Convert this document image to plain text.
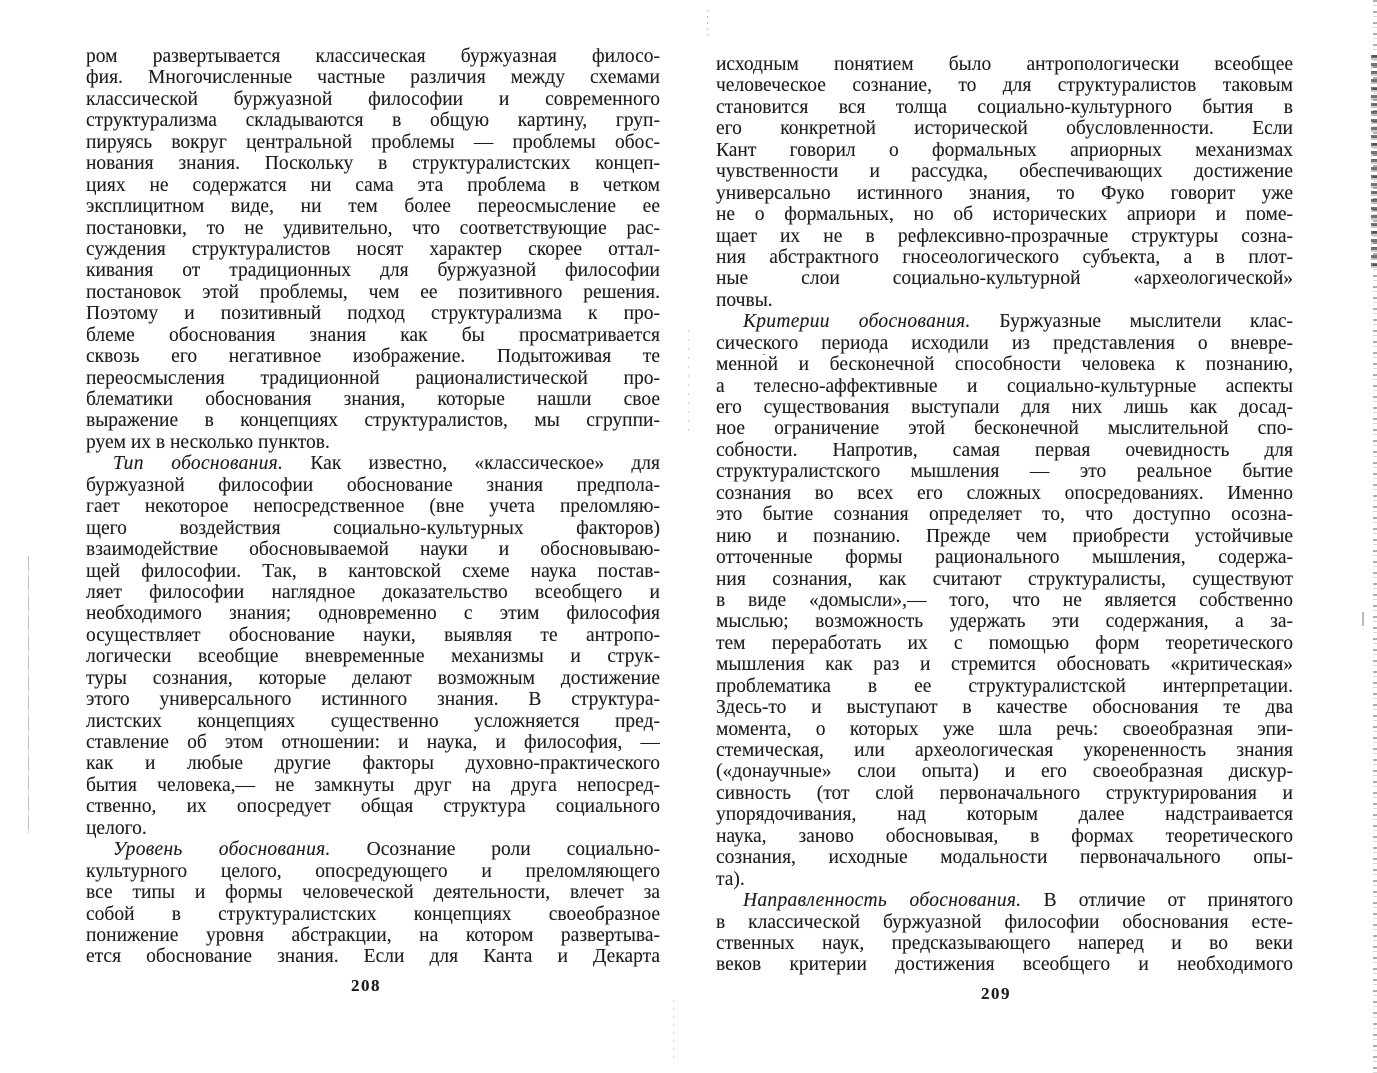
ром развертывается классическая буржуазная филосо-
фия. Многочисленные частные различия между схемами
классической буржуазной философии и современного
структурализма складываются в общую картину, груп-
пируясь вокруг центральной проблемы — проблемы обос-
нования знания. Поскольку в структуралистских концеп-
циях не содержатся ни сама эта проблема в четком
эксплицитном виде, ни тем более переосмысление ее
постановки, то не удивительно, что соответствующие рас-
суждения структуралистов носят характер скорее оттал-
кивания от традиционных для буржуазной философии
постановок этой проблемы, чем ее позитивного решения.
Поэтому и позитивный подход структурализма к про-
блеме обоснования знания как бы просматривается
сквозь его негативное изображение. Подытоживая те
переосмысления традиционной рационалистической про-
блематики обоснования знания, которые нашли свое
выражение в концепциях структуралистов, мы сгруппи-
руем их в несколько пунктов.
Тип обоснования. Как известно, «классическое» для
буржуазной философии обоснование знания предпола-
гает некоторое непосредственное (вне учета преломляю-
щего воздействия социально-культурных факторов)
взаимодействие обосновываемой науки и обосновываю-
щей философии. Так, в кантовской схеме наука постав-
ляет философии наглядное доказательство всеобщего и
необходимого знания; одновременно с этим философия
осуществляет обоснование науки, выявляя те антропо-
логически всеобщие вневременные механизмы и струк-
туры сознания, которые делают возможным достижение
этого универсального истинного знания. В структура-
листских концепциях существенно усложняется пред-
ставление об этом отношении: и наука, и философия, —
как и любые другие факторы духовно-практического
бытия человека,— не замкнуты друг на друга непосред-
ственно, их опосредует общая структура социального
целого.
Уровень обоснования. Осознание роли социально-
культурного целого, опосредующего и преломляющего
все типы и формы человеческой деятельности, влечет за
собой в структуралистских концепциях своеобразное
понижение уровня абстракции, на котором развертыва-
ется обоснование знания. Если для Канта и Декарта
208
исходным понятием было антропологически всеобщее
человеческое сознание, то для структуралистов таковым
становится вся толща социально-культурного бытия в
его конкретной исторической обусловленности. Если
Кант говорил о формальных априорных механизмах
чувственности и рассудка, обеспечивающих достижение
универсально истинного знания, то Фуко говорит уже
не о формальных, но об исторических априори и поме-
щает их не в рефлексивно-прозрачные структуры созна-
ния абстрактного гносеологического субъекта, а в плот-
ные слои социально-культурной «археологической»
почвы.
Критерии обоснования. Буржуазные мыслители клас-
сического периода исходили из представления о вневре-
менно́й и бесконечной способности человека к познанию,
а телесно-аффективные и социально-культурные аспекты
его существования выступали для них лишь как досад-
ное ограничение этой бесконечной мыслительной спо-
собности. Напротив, самая первая очевидность для
структуралистского мышления — это реальное бытие
сознания во всех его сложных опосредованиях. Именно
это бытие сознания определяет то, что доступно осозна-
нию и познанию. Прежде чем приобрести устойчивые
отточенные формы рационального мышления, содержа-
ния сознания, как считают структуралисты, существуют
в виде «домысли»,— того, что не является собственно
мыслью; возможность удержать эти содержания, а за-
тем переработать их с помощью форм теоретического
мышления как раз и стремится обосновать «критическая»
проблематика в ее структуралистской интерпретации.
Здесь-то и выступают в качестве обоснования те два
момента, о которых уже шла речь: своеобразная эпи-
стемическая, или археологическая укорененность знания
(«донаучные» слои опыта) и его своеобразная дискур-
сивность (тот слой первоначального структурирования и
упорядочивания, над которым далее надстраивается
наука, заново обосновывая, в формах теоретического
сознания, исходные модальности первоначального опы-
та).
Направленность обоснования. В отличие от принятого
в классической буржуазной философии обоснования есте-
ственных наук, предсказывающего наперед и во веки
веков критерии достижения всеобщего и необходимого
209
